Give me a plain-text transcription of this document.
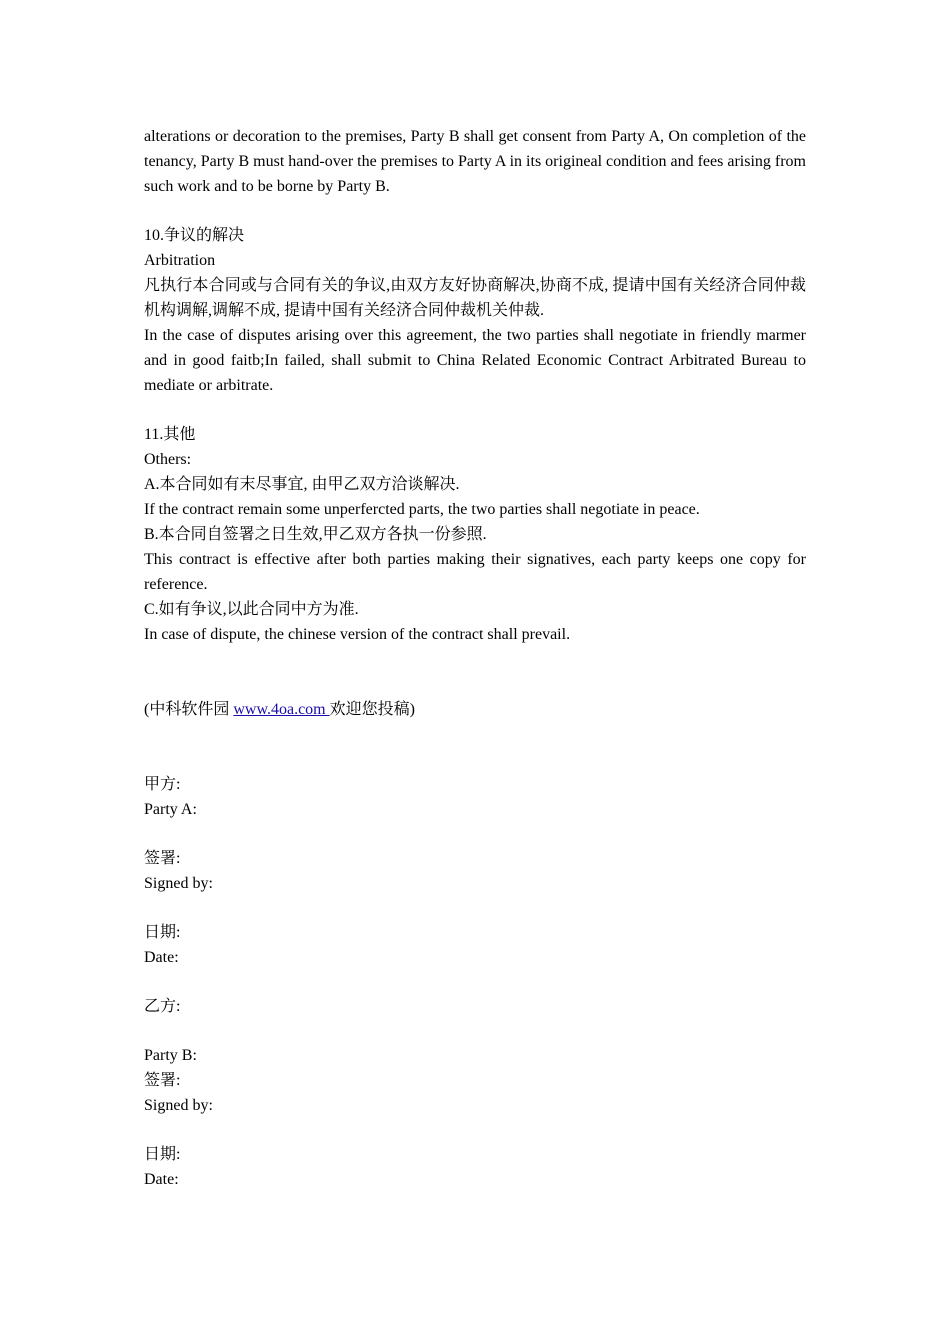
alterations or decoration to the premises, Party B shall get consent from Party A, On completion of the tenancy, Party B must hand-over the premises to Party A in its origineal condition and fees arising from such work and to be borne by Party B.

10.争议的解决

Arbitration

凡执行本合同或与合同有关的争议,由双方友好协商解决,协商不成, 提请中国有关经济合同仲裁机构调解,调解不成, 提请中国有关经济合同仲裁机关仲裁.

In the case of disputes arising over this agreement, the two parties shall negotiate in friendly marmer and in good faitb;In failed, shall submit to China Related Economic Contract Arbitrated Bureau to mediate or arbitrate.

11.其他

Others:

A.本合同如有末尽事宜, 由甲乙双方洽谈解决.

If the contract remain some unperfercted parts, the two parties shall negotiate in peace.

B.本合同自签署之日生效,甲乙双方各执一份参照.

This contract is effective after both parties making their signatives, each party keeps one copy for reference.

C.如有争议,以此合同中方为准.

In case of dispute, the chinese version of the contract shall prevail.

(中科软件园 www.4oa.com 欢迎您投稿)

甲方:

Party A:

签署:

Signed by:

日期:

Date:

乙方:

Party B:

签署:

Signed by:

日期:

Date:
